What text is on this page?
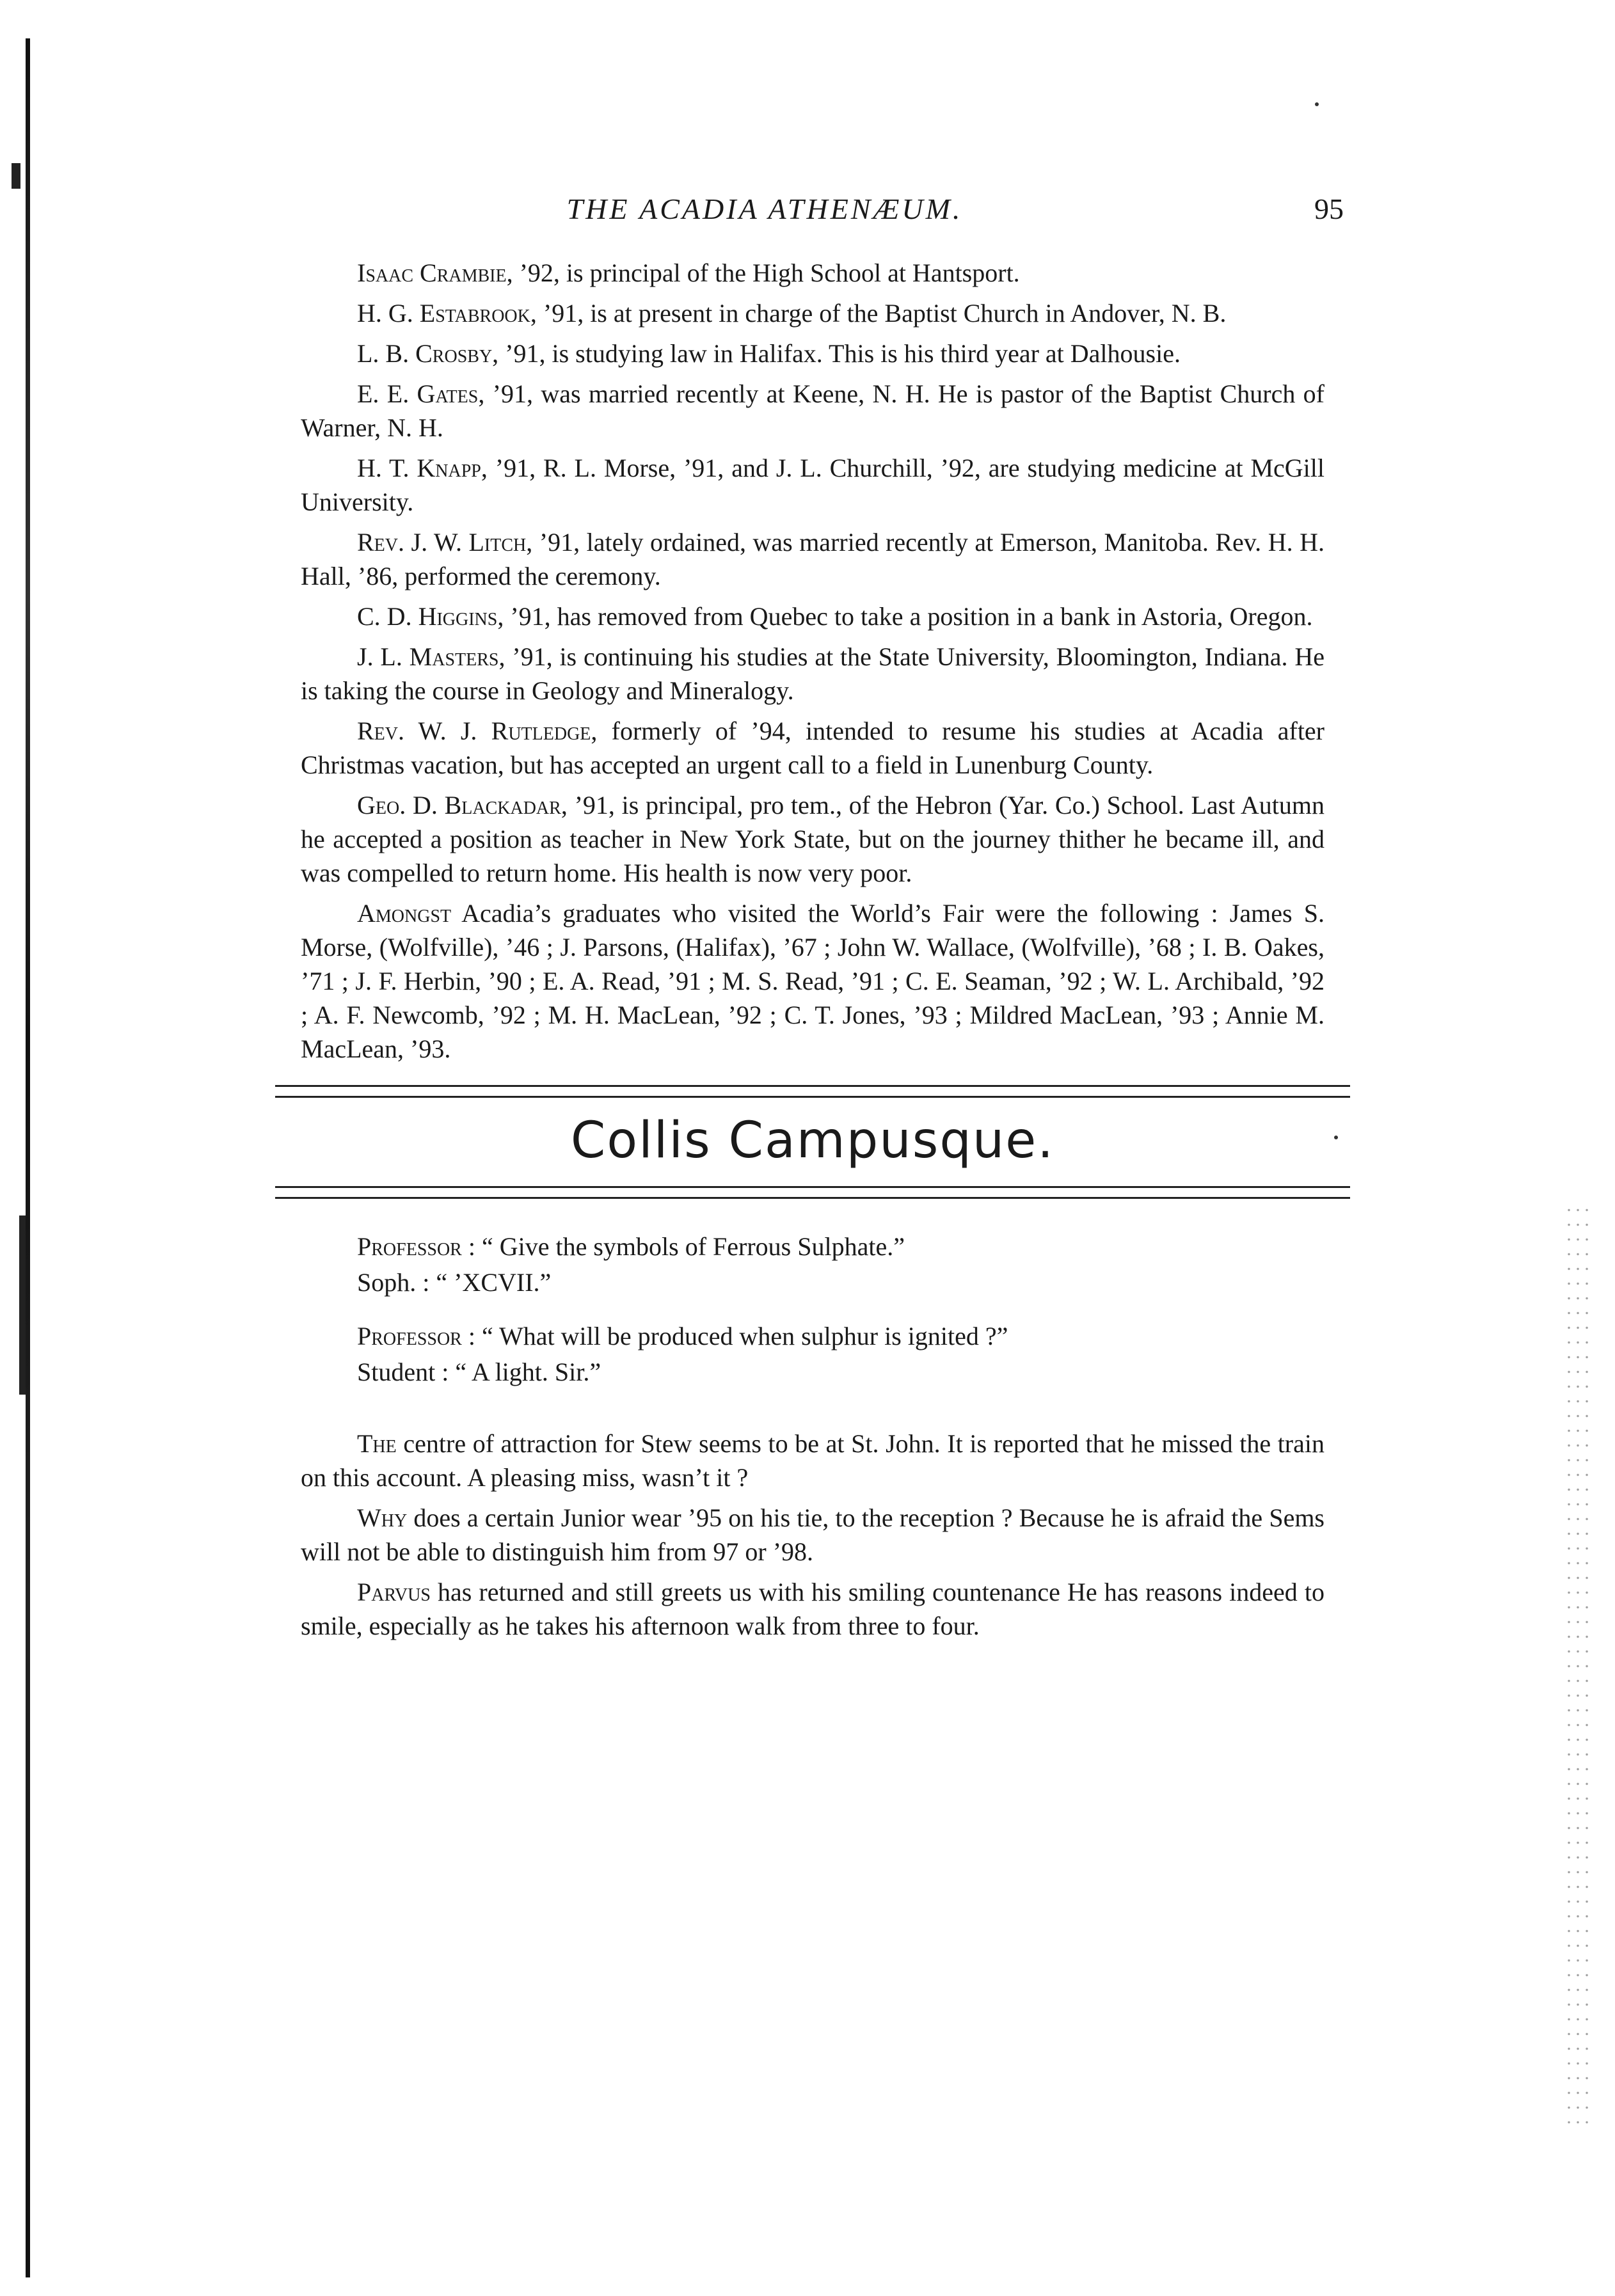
THE ACADIA ATHENÆUM.	95

Isaac Crambie, ’92, is principal of the High School at Hantsport.

H. G. Estabrook, ’91, is at present in charge of the Baptist Church in Andover, N. B.

L. B. Crosby, ’91, is studying law in Halifax. This is his third year at Dalhousie.

E. E. Gates, ’91, was married recently at Keene, N. H. He is pastor of the Baptist Church of Warner, N. H.

H. T. Knapp, ’91, R. L. Morse, ’91, and J. L. Churchill, ’92, are studying medicine at McGill University.

Rev. J. W. Litch, ’91, lately ordained, was married recently at Emerson, Manitoba. Rev. H. H. Hall, ’86, performed the ceremony.

C. D. Higgins, ’91, has removed from Quebec to take a position in a bank in Astoria, Oregon.

J. L. Masters, ’91, is continuing his studies at the State University, Bloomington, Indiana. He is taking the course in Geology and Mineralogy.

Rev. W. J. Rutledge, formerly of ’94, intended to resume his studies at Acadia after Christmas vacation, but has accepted an urgent call to a field in Lunenburg County.

Geo. D. Blackadar, ’91, is principal, pro tem., of the Hebron (Yar. Co.) School. Last Autumn he accepted a position as teacher in New York State, but on the journey thither he became ill, and was compelled to return home. His health is now very poor.

Amongst Acadia’s graduates who visited the World’s Fair were the following : James S. Morse, (Wolfville), ’46 ; J. Parsons, (Halifax), ’67 ; John W. Wallace, (Wolfville), ’68 ; I. B. Oakes, ’71 ; J. F. Herbin, ’90 ; E. A. Read, ’91 ; M. S. Read, ’91 ; C. E. Seaman, ’92 ; W. L. Archibald, ’92 ; A. F. Newcomb, ’92 ; M. H. MacLean, ’92 ; C. T. Jones, ’93 ; Mildred MacLean, ’93 ; Annie M. MacLean, ’93.

Collis Campusque.
Professor : “ Give the symbols of Ferrous Sulphate.”
Soph. : “ ’XCVII.”
Professor : “ What will be produced when sulphur is ignited ?”
Student : “ A light. Sir.”

The centre of attraction for Stew seems to be at St. John. It is reported that he missed the train on this account. A pleasing miss, wasn’t it ?

Why does a certain Junior wear ’95 on his tie, to the reception ? Because he is afraid the Sems will not be able to distinguish him from 97 or ’98.

Parvus has returned and still greets us with his smiling countenance He has reasons indeed to smile, especially as he takes his afternoon walk from three to four.
